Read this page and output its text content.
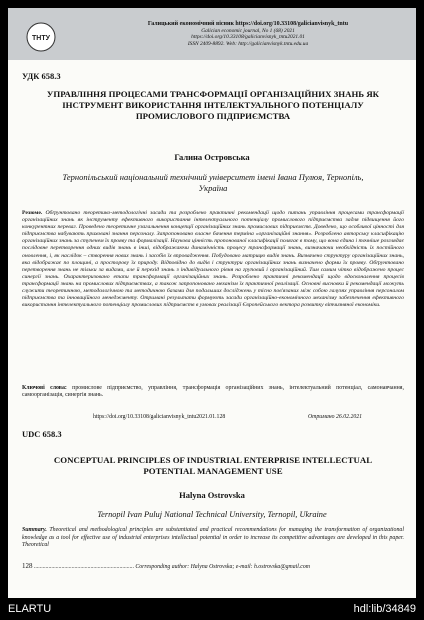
ТНТУ
Галицький економічний вісник https://doi.org/10.33108/galicianvisnyk_tntu
Galician economic journal, No 1 (68) 2021
https://doi.org/10.33108/galicianvisnyk_tntu2021.01
ISSN 2409-8892. Web: http://galicianvisnyk.tntu.edu.ua
УДК 658.3
УПРАВЛІННЯ ПРОЦЕСАМИ ТРАНСФОРМАЦІЇ ОРГАНІЗАЦІЙНИХ ЗНАНЬ ЯК ІНСТРУМЕНТ ВИКОРИСТАННЯ ІНТЕЛЕКТУАЛЬНОГО ПОТЕНЦІАЛУ ПРОМИСЛОВОГО ПІДПРИЄМСТВА
Галина Островська
Тернопільський національний технічний університет імені Івана Пулюя, Тернопіль, Україна
Резюме. Обґрунтовано теоретико-методологічні засади та розроблено практичні рекомендації щодо питань управління процесами трансформації організаційних знань як інструменту ефективного використання інтелектуального потенціалу промислового підприємства задля підвищення його конкурентних переваг. Проведено теоретичне узагальнення концепції організаційних знань промислових підприємств. Доведено, що особливої цінності для підприємства набувають приховані знання персоналу. Запропоновано власне бачення терміна «організаційні знання». Розроблено авторську класифікацію організаційних знань за ступенем їх прояву та формалізації. Наукова цінність пропонованої класифікації полягає в тому, що вона єдина і точніше розглядає послідовне перетворення одних видів знань в інші, відображаючи динамічність процесу трансформації знань, визначаючи необхідність їх постійного оновлення, і, як наслідок – створення нових знань і засобів їх впровадження. Побудовано матрицю видів знань. Визначено структуру організаційних знань, яка відображає по площині, а просторову їх природу. Відповідно до видів і структури організаційних знань визначено форми їх прояву. Обґрунтовано перетворення знань не тільки за видами, але й перехід знань з індивідуального рівня на груповий і організаційний. Тим самим чітко відображено процес синергії знань. Охарактеризовано етапи трансформації організаційних знань. Розроблено практичні рекомендації щодо вдосконалення процесів трансформації знань на промислових підприємствах, а також запропоновано механізм їх практичної реалізації. Основні висновки й рекомендації можуть служити теоретичною, методологічною та методичною базами для подальших досліджень у тісно пов'язаних між собою галузях управління персоналом підприємства та інноваційного менеджменту. Отримані результати формують засади організаційно-економічного механізму забезпечення ефективного використання інтелектуального потенціалу промислових підприємств в умовах реалізації Європейського вектора розвитку вітчизняної економіки.
Ключові слова: промислове підприємство, управління, трансформація організаційних знань, інтелектуальний потенціал, самонавчання, самоорганізація, синергія знань.
https://doi.org/10.33108/galicianvisnyk_tntu2021.01.128	Отримано 26.02.2021
UDC 658.3
CONCEPTUAL PRINCIPLES OF INDUSTRIAL ENTERPRISE INTELLECTUAL POTENTIAL MANAGEMENT USE
Halyna Ostrovska
Ternopil Ivan Puluj National Technical University, Ternopil, Ukraine
Summary. Theoretical and methodological principles are substantiated and practical recommendations for managing the transformation of organizational knowledge as a tool for effective use of industrial enterprises intellectual potential in order to increase its competitive advantages are developed in this paper. Theoretical
128 ..................................................................... Corresponding author: Halyna Ostrovska; e-mail: h.ostrovska@gmail.com
ELARTU	hdl:lib/34849
